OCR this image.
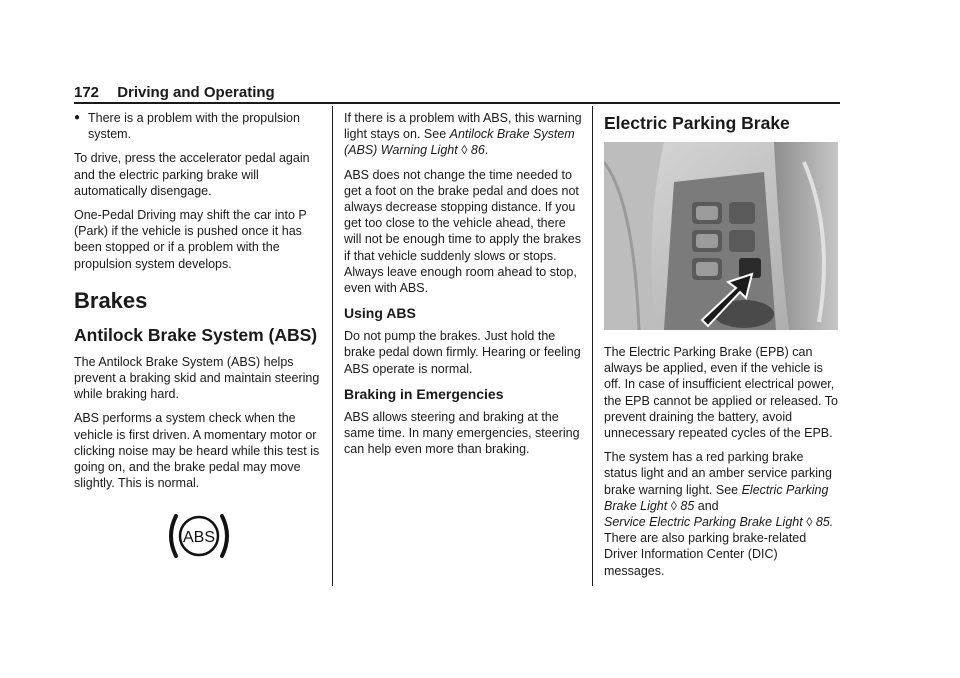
172 Driving and Operating
● There is a problem with the propulsion system.

To drive, press the accelerator pedal again and the electric parking brake will automatically disengage.

One-Pedal Driving may shift the car into P (Park) if the vehicle is pushed once it has been stopped or if a problem with the propulsion system develops.

Brakes
Antilock Brake System (ABS)

The Antilock Brake System (ABS) helps prevent a braking skid and maintain steering while braking hard.

ABS performs a system check when the vehicle is first driven. A momentary motor or clicking noise may be heard while this test is going on, and the brake pedal may move slightly. This is normal.

ABS

If there is a problem with ABS, this warning light stays on. See Antilock Brake System (ABS) Warning Light ◊ 86.

ABS does not change the time needed to get a foot on the brake pedal and does not always decrease stopping distance. If you get too close to the vehicle ahead, there will not be enough time to apply the brakes if that vehicle suddenly slows or stops. Always leave enough room ahead to stop, even with ABS.

Using ABS

Do not pump the brakes. Just hold the brake pedal down firmly. Hearing or feeling ABS operate is normal.

Braking in Emergencies

ABS allows steering and braking at the same time. In many emergencies, steering can help even more than braking.

Electric Parking Brake

The Electric Parking Brake (EPB) can always be applied, even if the vehicle is off. In case of insufficient electrical power, the EPB cannot be applied or released. To prevent draining the battery, avoid unnecessary repeated cycles of the EPB.

The system has a red parking brake status light and an amber service parking brake warning light. See Electric Parking Brake Light ◊ 85 and
Service Electric Parking Brake Light ◊ 85.
There are also parking brake-related Driver Information Center (DIC) messages.
